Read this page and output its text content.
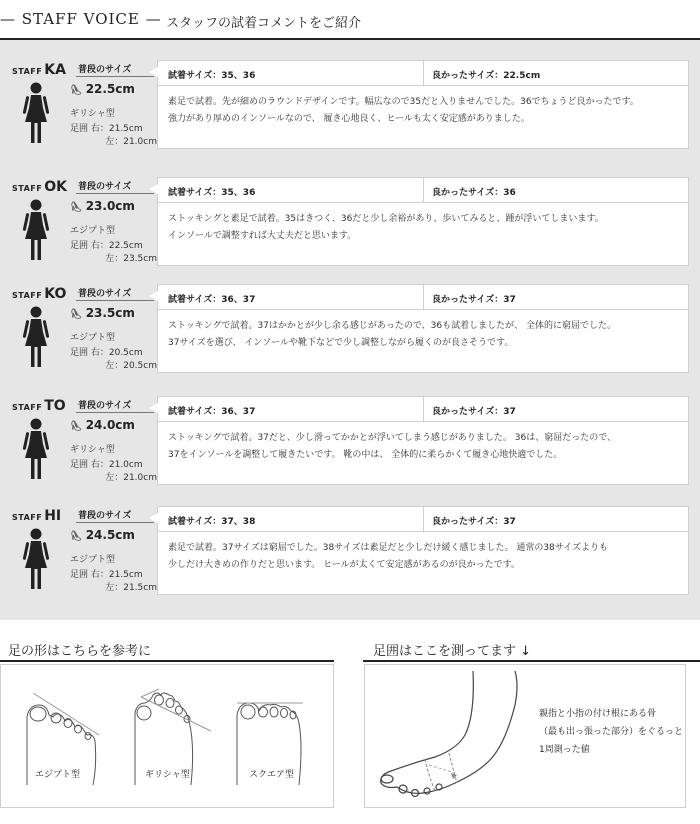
— STAFF VOICE — スタッフの試着コメントをご紹介
STAFF KA 普段のサイズ
👠︎ 22.5cm
ギリシャ型
足囲 右：21.5cm
左：21.0cm
試着サイズ：35、36	良かったサイズ：22.5cm
素足で試着。先が細めのラウンドデザインです。幅広なので35だと入りませんでした。36でちょうど良かったです。
強力があり厚めのインソールなので、 履き心地良く、ヒールも太く安定感がありました。
STAFF OK 普段のサイズ
👠︎ 23.0cm
エジプト型
足囲 右：22.5cm
左：23.5cm
試着サイズ：35、36	良かったサイズ：36
ストッキングと素足で試着。35はきつく、36だと少し余裕があり、歩いてみると、踵が浮いてしまいます。
インソールで調整すれば大丈夫だと思います。
STAFF KO 普段のサイズ
👠︎ 23.5cm
エジプト型
足囲 右：20.5cm
左：20.5cm
試着サイズ：36、37	良かったサイズ：37
ストッキングで試着。37はかかとが少し余る感じがあったので、36も試着しましたが、 全体的に窮屈でした。
37サイズを選び、 インソールや靴下などで少し調整しながら履くのが良さそうです。
STAFF TO 普段のサイズ
👠︎ 24.0cm
ギリシャ型
足囲 右：21.0cm
左：21.0cm
試着サイズ：36、37	良かったサイズ：37
ストッキングで試着。37だと、少し滑ってかかとが浮いてしまう感じがありました。 36は、窮屈だったので、
37をインソールを調整して履きたいです。 靴の中は、 全体的に柔らかくて履き心地快適でした。
STAFF HI 普段のサイズ
👠︎ 24.5cm
エジプト型
足囲 右：21.5cm
左：21.5cm
試着サイズ：37、38	良かったサイズ：37
素足で試着。37サイズは窮屈でした。38サイズは素足だと少しだけ緩く感じました。 通常の38サイズよりも
少しだけ大きめの作りだと思います。 ヒールが太くて安定感があるのが良かったです。
足の形はこちらを参考に
エジプト型	ギリシャ型	スクエア型
足囲はここを測ってます ↓
親指と小指の付け根にある骨
（最も出っ張った部分）をぐるっと
1周測った値
